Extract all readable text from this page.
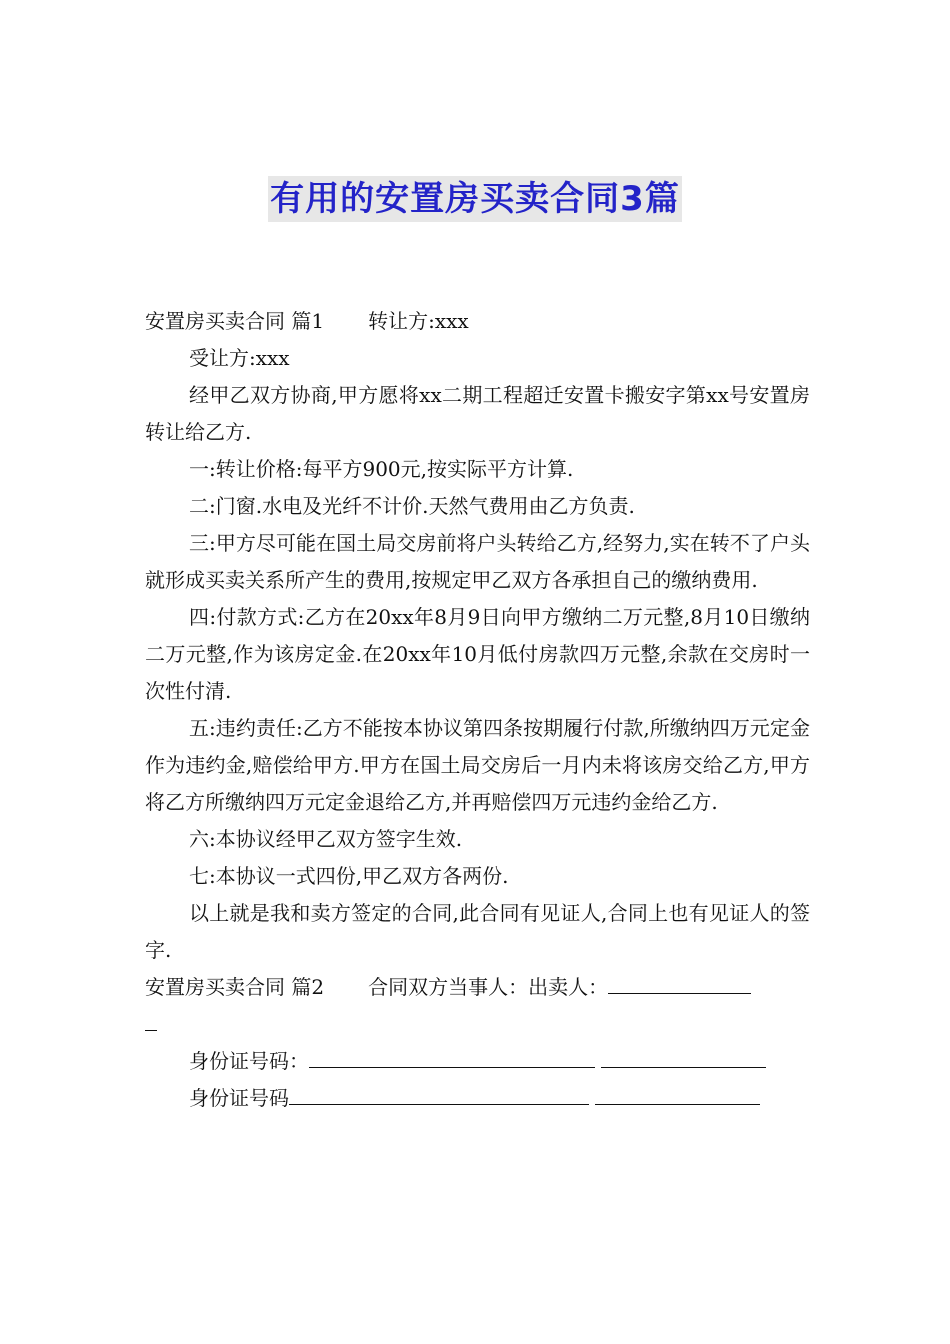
有用的安置房买卖合同3篇

安置房买卖合同 篇1 转让方:xxx

受让方:xxx

经甲乙双方协商,甲方愿将xx二期工程超迁安置卡搬安字第xx号安置房转让给乙方.

一:转让价格:每平方900元,按实际平方计算.

二:门窗.水电及光纤不计价.天然气费用由乙方负责.

三:甲方尽可能在国土局交房前将户头转给乙方,经努力,实在转不了户头就形成买卖关系所产生的费用,按规定甲乙双方各承担自己的缴纳费用.

四:付款方式:乙方在20xx年8月9日向甲方缴纳二万元整,8月10日缴纳二万元整,作为该房定金.在20xx年10月低付房款四万元整,余款在交房时一次性付清.

五:违约责任:乙方不能按本协议第四条按期履行付款,所缴纳四万元定金作为违约金,赔偿给甲方.甲方在国土局交房后一月内未将该房交给乙方,甲方将乙方所缴纳四万元定金退给乙方,并再赔偿四万元违约金给乙方.

六:本协议经甲乙双方签字生效.

七:本协议一式四份,甲乙双方各两份.

以上就是我和卖方签定的合同,此合同有见证人,合同上也有见证人的签字.

安置房买卖合同 篇2 合同双方当事人：出卖人：

身份证号码：

身份证号码
